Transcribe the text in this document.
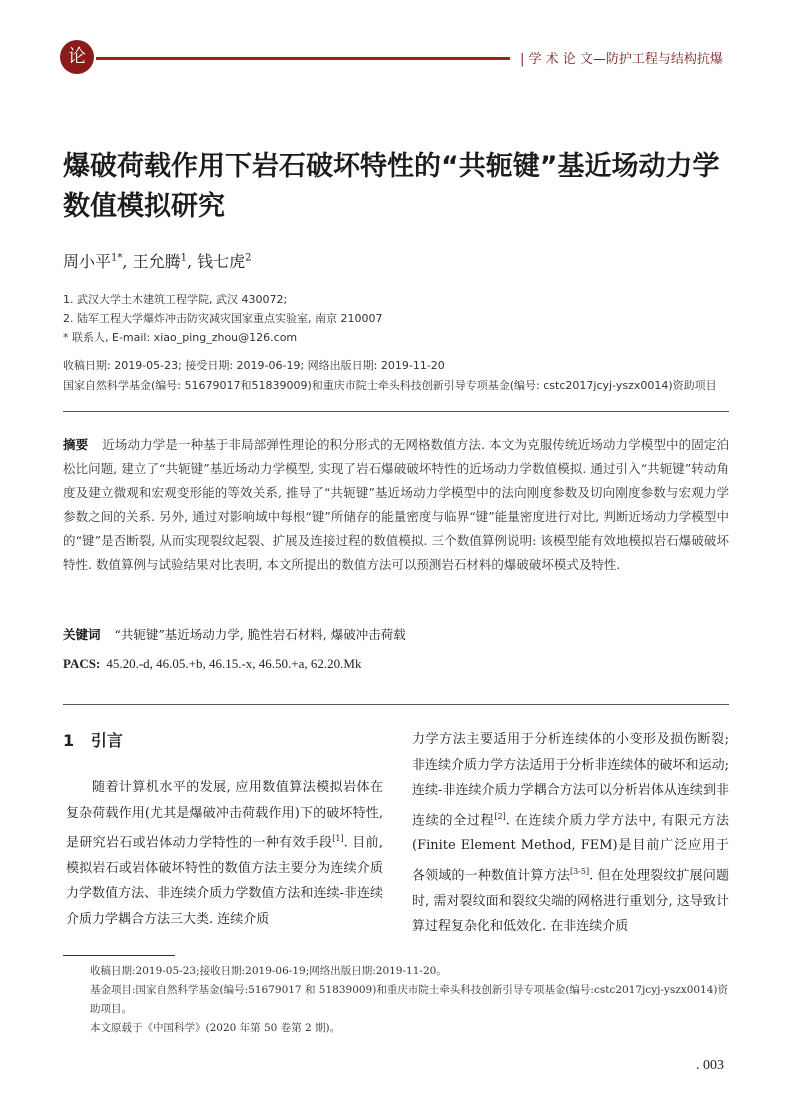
论	| 学 术 论 文—防护工程与结构抗爆
爆破荷载作用下岩石破坏特性的“共轭键”基近场动力学数值模拟研究
周小平$^{1*}$, 王允腾$^1$, 钱七虎$^2$
1. 武汉大学土木建筑工程学院, 武汉 430072;
2. 陆军工程大学爆炸冲击防灾减灾国家重点实验室, 南京 210007
* 联系人, E-mail: xiao_ping_zhou@126.com
收稿日期: 2019-05-23; 接受日期: 2019-06-19; 网络出版日期: 2019-11-20
国家自然科学基金(编号: 51679017和51839009)和重庆市院士牵头科技创新引导专项基金(编号: cstc2017jcyj-yszx0014)资助项目
摘要 近场动力学是一种基于非局部弹性理论的积分形式的无网格数值方法. 本文为克服传统近场动力学模型中的固定泊松比问题, 建立了“共轭键”基近场动力学模型, 实现了岩石爆破破坏特性的近场动力学数值模拟. 通过引入“共轭键”转动角度及建立微观和宏观变形能的等效关系, 推导了“共轭键”基近场动力学模型中的法向刚度参数及切向刚度参数与宏观力学参数之间的关系. 另外, 通过对影响域中每根“键”所储存的能量密度与临界“键”能量密度进行对比, 判断近场动力学模型中的“键”是否断裂, 从而实现裂纹起裂、扩展及连接过程的数值模拟. 三个数值算例说明: 该模型能有效地模拟岩石爆破破坏特性. 数值算例与试验结果对比表明, 本文所提出的数值方法可以预测岩石材料的爆破破坏模式及特性.
关键词 “共轭键”基近场动力学, 脆性岩石材料, 爆破冲击荷载
PACS: 45.20.-d, 46.05.+b, 46.15.-x, 46.50.+a, 62.20.Mk
1 引言
随着计算机水平的发展, 应用数值算法模拟岩体在复杂荷载作用(尤其是爆破冲击荷载作用)下的破坏特性, 是研究岩石或岩体动力学特性的一种有效手段[1]. 目前, 模拟岩石或岩体破坏特性的数值方法主要分为连续介质力学数值方法、非连续介质力学数值方法和连续-非连续介质力学耦合方法三大类. 连续介质
力学方法主要适用于分析连续体的小变形及损伤断裂; 非连续介质力学方法适用于分析非连续体的破坏和运动; 连续-非连续介质力学耦合方法可以分析岩体从连续到非连续的全过程[2]. 在连续介质力学方法中, 有限元方法(Finite Element Method, FEM)是目前广泛应用于各领域的一种数值计算方法[3-5]. 但在处理裂纹扩展问题时, 需对裂纹面和裂纹尖端的网格进行重划分, 这导致计算过程复杂化和低效化. 在非连续介质
收稿日期:2019-05-23;接收日期:2019-06-19;网络出版日期:2019-11-20。
基金项目:国家自然科学基金(编号:51679017 和 51839009)和重庆市院士牵头科技创新引导专项基金(编号:cstc2017jcyj-yszx0014)资助项目。
本文原载于《中国科学》(2020 年第 50 卷第 2 期)。
. 003
